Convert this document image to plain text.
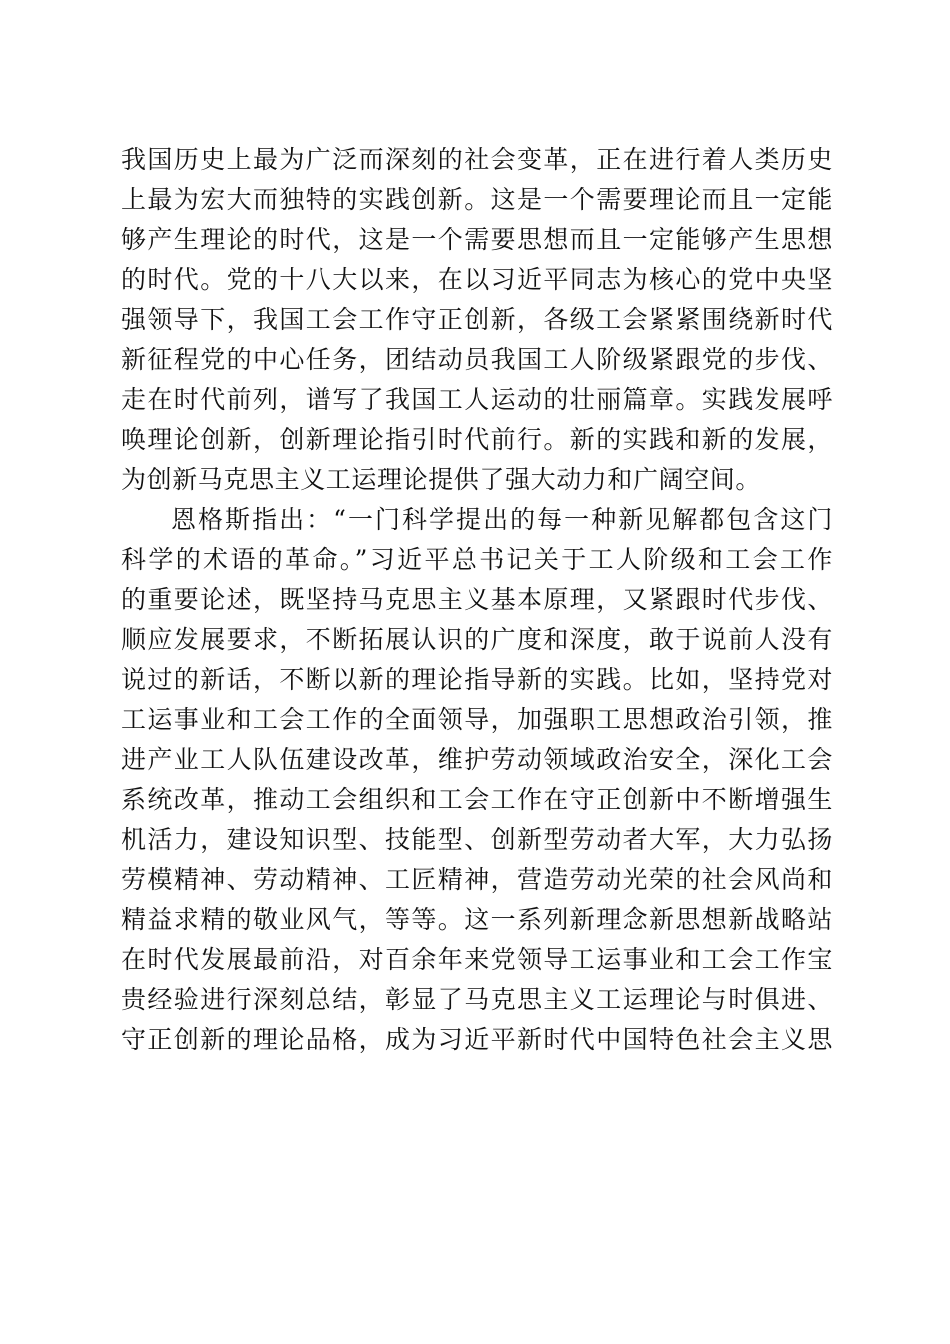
我国历史上最为广泛而深刻的社会变革，正在进行着人类历史
上最为宏大而独特的实践创新。这是一个需要理论而且一定能
够产生理论的时代，这是一个需要思想而且一定能够产生思想
的时代。党的十八大以来，在以习近平同志为核心的党中央坚
强领导下，我国工会工作守正创新，各级工会紧紧围绕新时代
新征程党的中心任务，团结动员我国工人阶级紧跟党的步伐、
走在时代前列，谱写了我国工人运动的壮丽篇章。实践发展呼
唤理论创新，创新理论指引时代前行。新的实践和新的发展，
为创新马克思主义工运理论提供了强大动力和广阔空间。
恩格斯指出：“一门科学提出的每一种新见解都包含这门
科学的术语的革命。”习近平总书记关于工人阶级和工会工作
的重要论述，既坚持马克思主义基本原理，又紧跟时代步伐、
顺应发展要求，不断拓展认识的广度和深度，敢于说前人没有
说过的新话，不断以新的理论指导新的实践。比如，坚持党对
工运事业和工会工作的全面领导，加强职工思想政治引领，推
进产业工人队伍建设改革，维护劳动领域政治安全，深化工会
系统改革，推动工会组织和工会工作在守正创新中不断增强生
机活力，建设知识型、技能型、创新型劳动者大军，大力弘扬
劳模精神、劳动精神、工匠精神，营造劳动光荣的社会风尚和
精益求精的敬业风气，等等。这一系列新理念新思想新战略站
在时代发展最前沿，对百余年来党领导工运事业和工会工作宝
贵经验进行深刻总结，彰显了马克思主义工运理论与时俱进、
守正创新的理论品格，成为习近平新时代中国特色社会主义思
